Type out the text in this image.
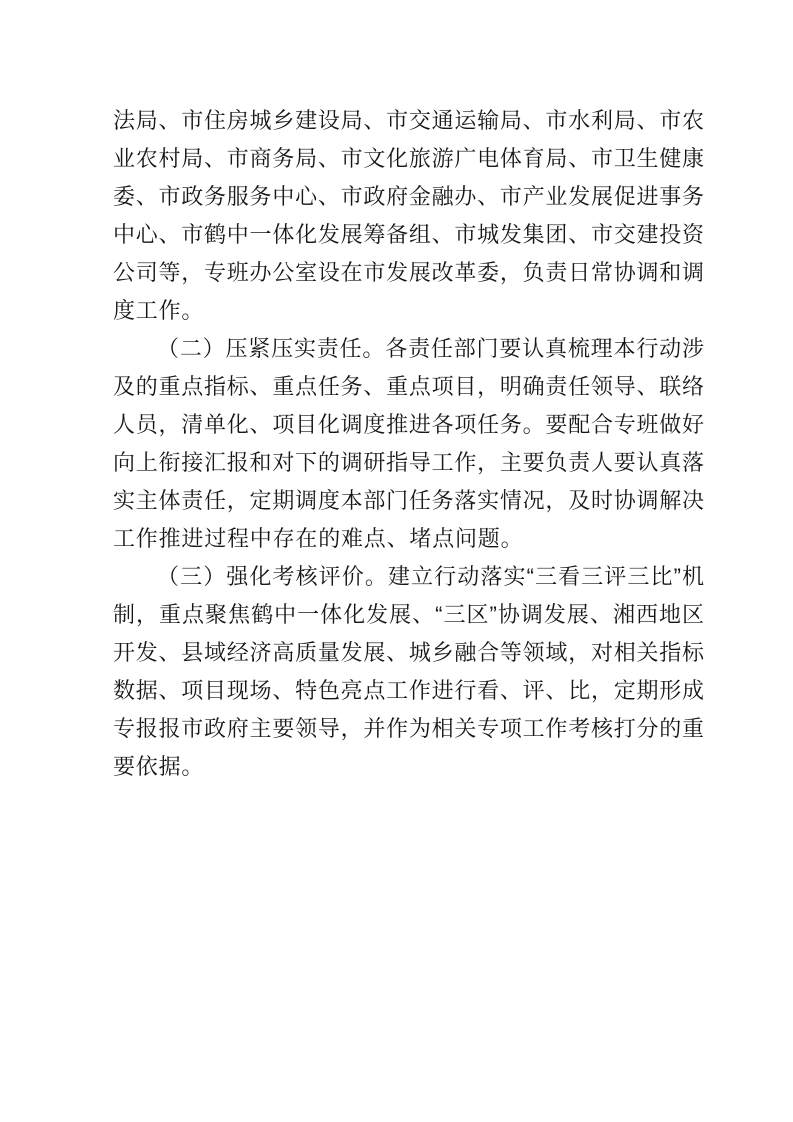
法局、市住房城乡建设局、市交通运输局、市水利局、市农
业农村局、市商务局、市文化旅游广电体育局、市卫生健康
委、市政务服务中心、市政府金融办、市产业发展促进事务
中心、市鹤中一体化发展筹备组、市城发集团、市交建投资
公司等，专班办公室设在市发展改革委，负责日常协调和调
度工作。
（二）压紧压实责任。各责任部门要认真梳理本行动涉
及的重点指标、重点任务、重点项目，明确责任领导、联络
人员，清单化、项目化调度推进各项任务。要配合专班做好
向上衔接汇报和对下的调研指导工作，主要负责人要认真落
实主体责任，定期调度本部门任务落实情况，及时协调解决
工作推进过程中存在的难点、堵点问题。
（三）强化考核评价。建立行动落实“三看三评三比”机
制，重点聚焦鹤中一体化发展、“三区”协调发展、湘西地区
开发、县域经济高质量发展、城乡融合等领域，对相关指标
数据、项目现场、特色亮点工作进行看、评、比，定期形成
专报报市政府主要领导，并作为相关专项工作考核打分的重
要依据。
